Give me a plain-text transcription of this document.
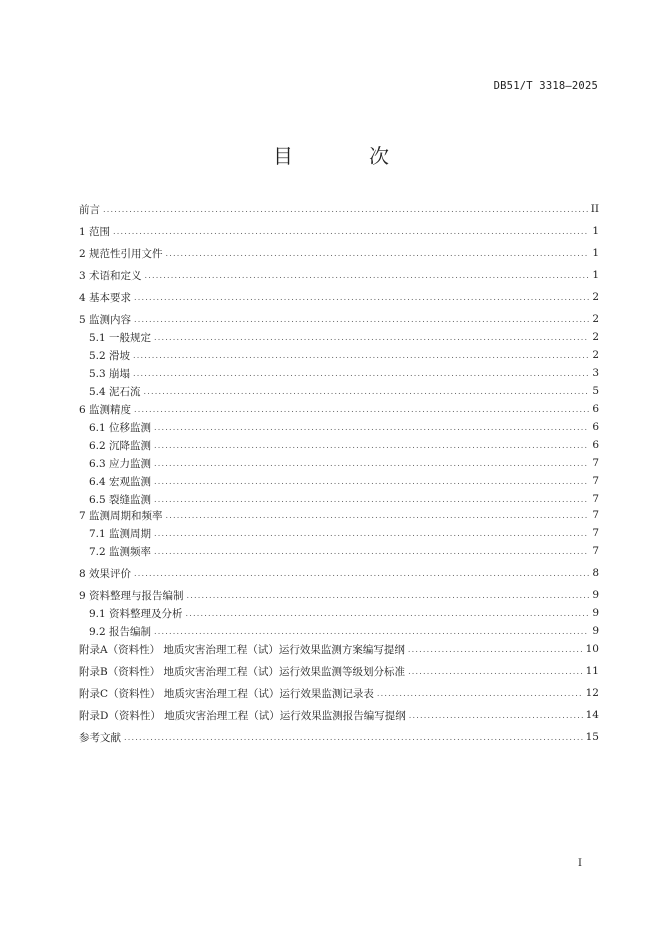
DB51/T 3318—2025
目　次
前言 .....	II
1 范围 .....	1
2 规范性引用文件 .....	1
3 术语和定义 .....	1
4 基本要求 .....	2
5 监测内容 .....	2
5.1 一般规定 .....	2
5.2 滑坡 .....	2
5.3 崩塌 .....	3
5.4 泥石流 .....	5
6 监测精度 .....	6
6.1 位移监测 .....	6
6.2 沉降监测 .....	6
6.3 应力监测 .....	7
6.4 宏观监测 .....	7
6.5 裂缝监测 .....	7
7 监测周期和频率 .....	7
7.1 监测周期 .....	7
7.2 监测频率 .....	7
8 效果评价 .....	8
9 资料整理与报告编制 .....	9
9.1 资料整理及分析 .....	9
9.2 报告编制 .....	9
附录A（资料性） 地质灾害治理工程（试）运行效果监测方案编写提纲 .....	10
附录B（资料性） 地质灾害治理工程（试）运行效果监测等级划分标准 .....	11
附录C（资料性） 地质灾害治理工程（试）运行效果监测记录表 .....	12
附录D（资料性） 地质灾害治理工程（试）运行效果监测报告编写提纲 .....	14
参考文献 .....	15
I
